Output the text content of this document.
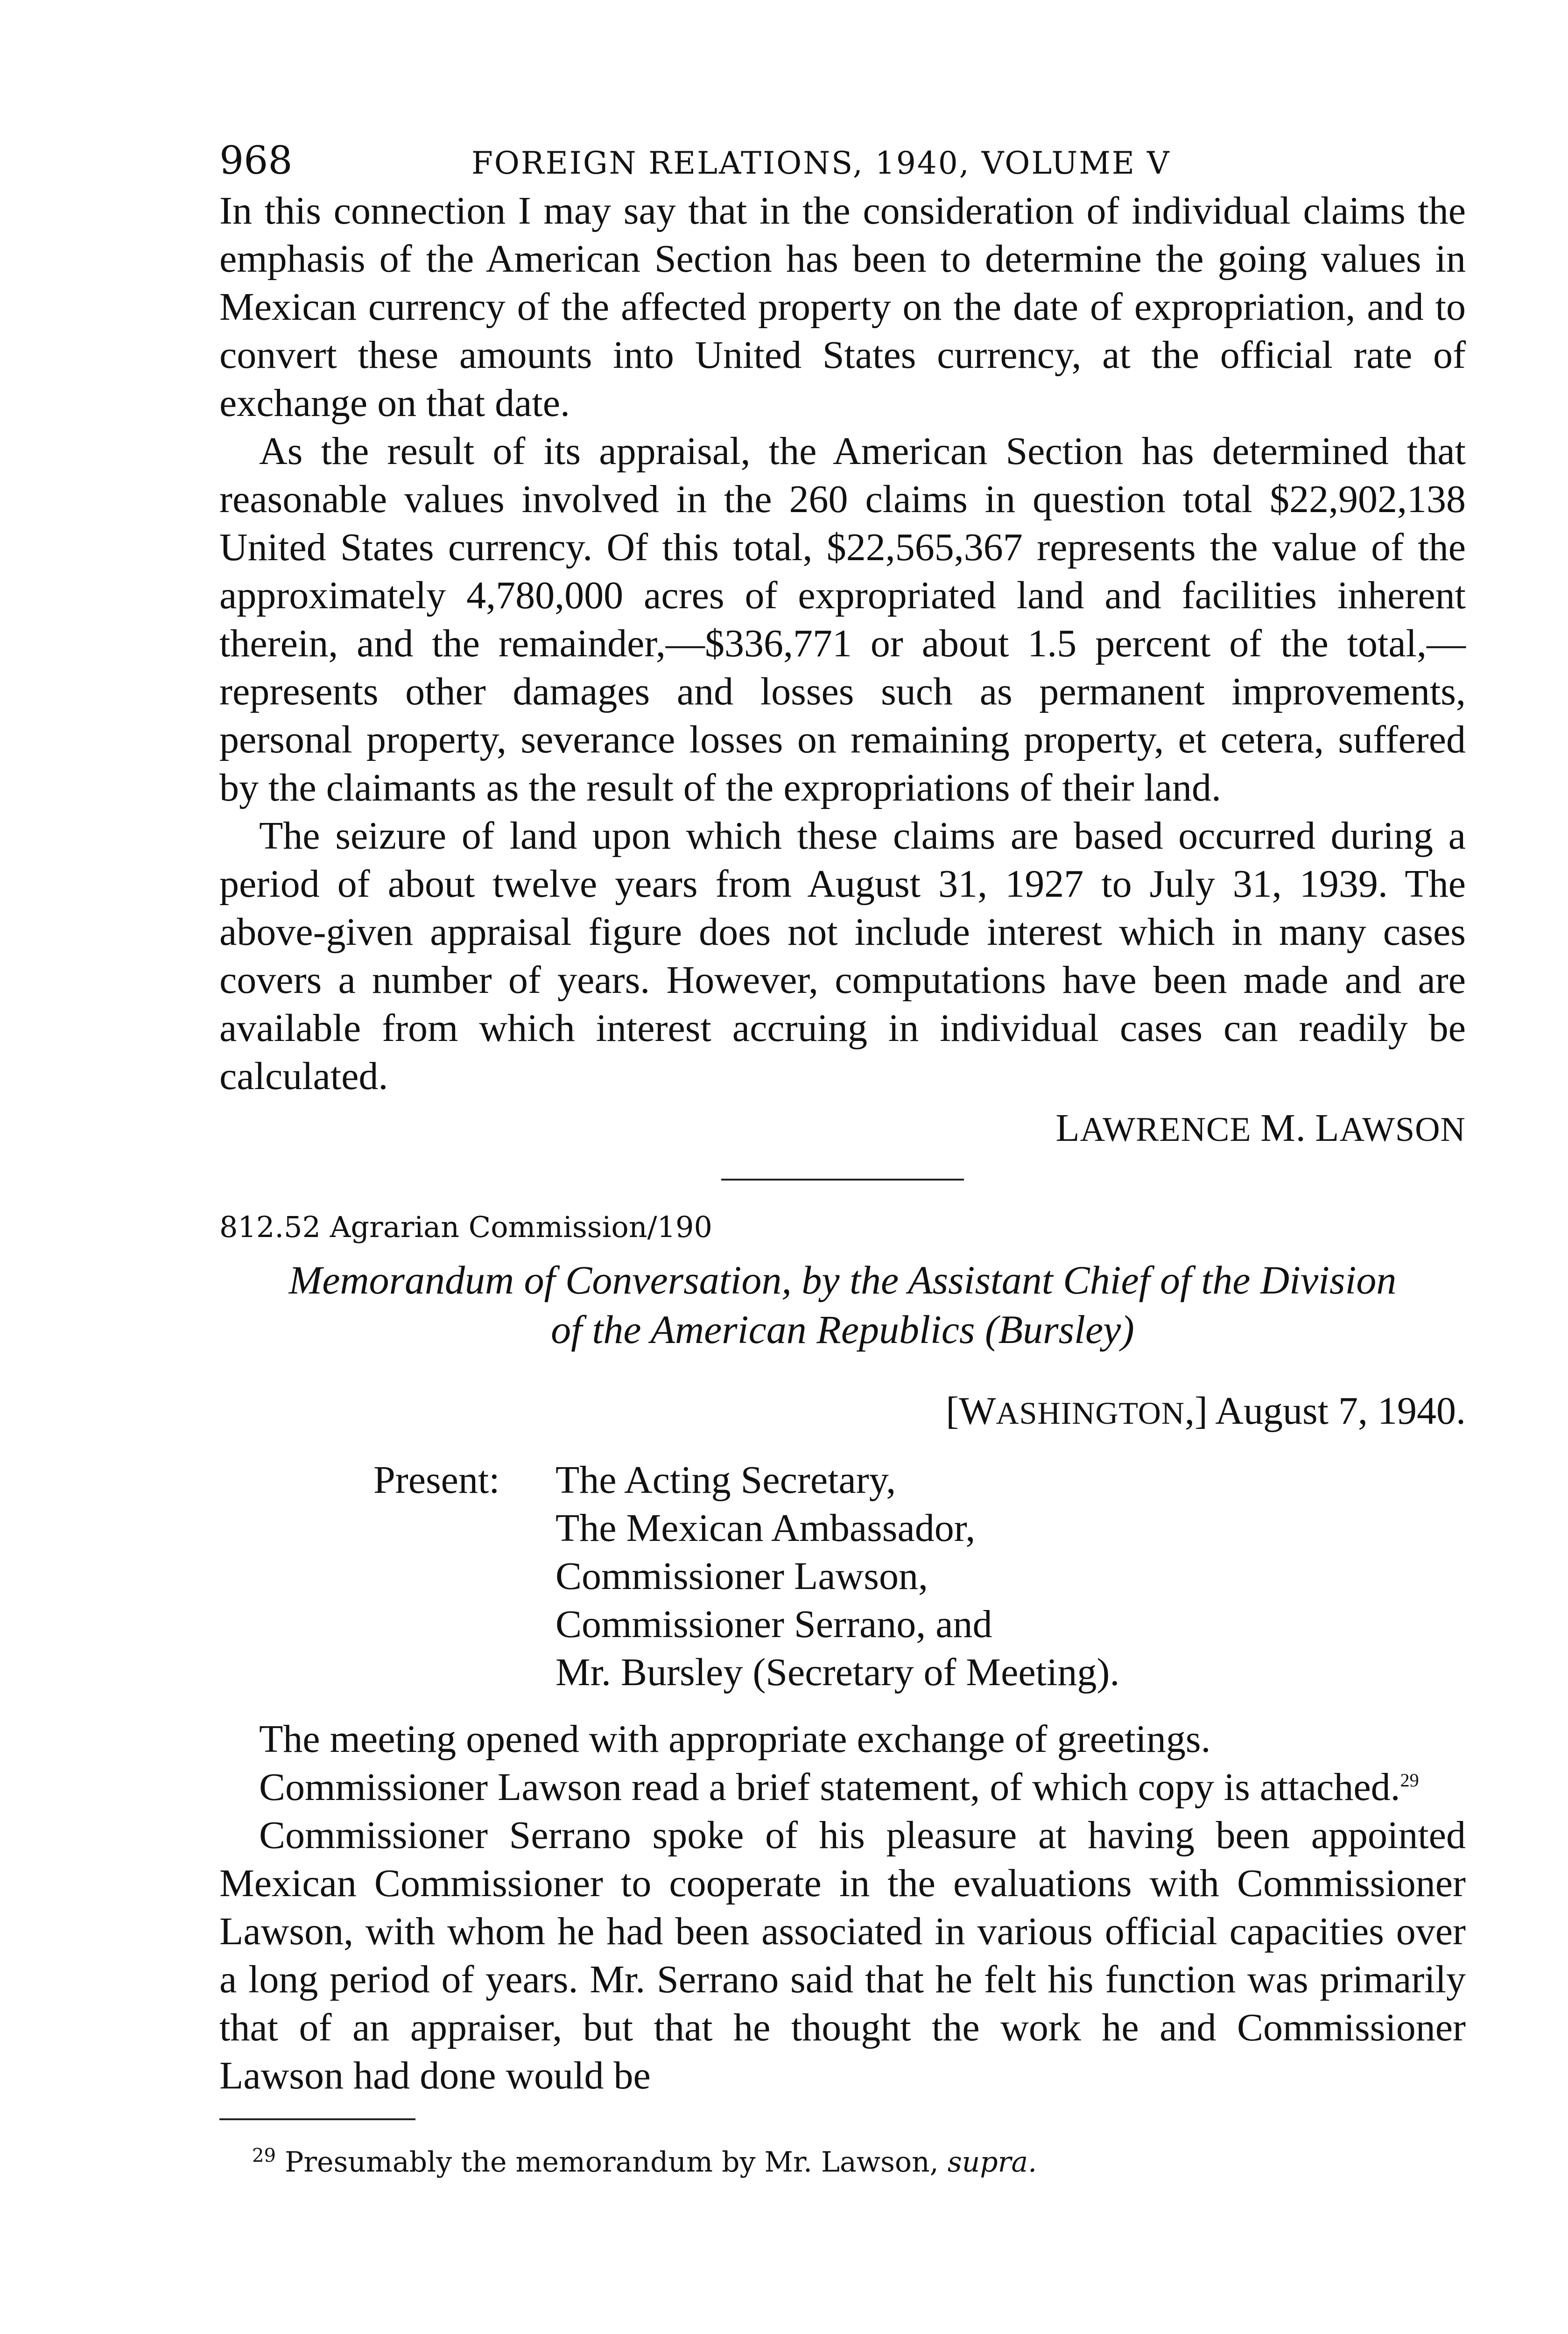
968	FOREIGN RELATIONS, 1940, VOLUME V

In this connection I may say that in the consideration of individual claims the emphasis of the American Section has been to determine the going values in Mexican currency of the affected property on the date of expropriation, and to convert these amounts into United States currency, at the official rate of exchange on that date.

As the result of its appraisal, the American Section has determined that reasonable values involved in the 260 claims in question total $22,902,138 United States currency. Of this total, $22,565,367 represents the value of the approximately 4,780,000 acres of expropriated land and facilities inherent therein, and the remainder,—$336,771 or about 1.5 percent of the total,—represents other damages and losses such as permanent improvements, personal property, severance losses on remaining property, et cetera, suffered by the claimants as the result of the expropriations of their land.

The seizure of land upon which these claims are based occurred during a period of about twelve years from August 31, 1927 to July 31, 1939. The above-given appraisal figure does not include interest which in many cases covers a number of years. However, computations have been made and are available from which interest accruing in individual cases can readily be calculated.

LAWRENCE M. LAWSON
812.52 Agrarian Commission/190

Memorandum of Conversation, by the Assistant Chief of the Division
of the American Republics (Bursley)

[WASHINGTON,] August 7, 1940.
Present:	The Acting Secretary,
The Mexican Ambassador,
Commissioner Lawson,
Commissioner Serrano, and
Mr. Bursley (Secretary of Meeting).

The meeting opened with appropriate exchange of greetings.

Commissioner Lawson read a brief statement, of which copy is attached.$^{29}$

Commissioner Serrano spoke of his pleasure at having been appointed Mexican Commissioner to cooperate in the evaluations with Commissioner Lawson, with whom he had been associated in various official capacities over a long period of years. Mr. Serrano said that he felt his function was primarily that of an appraiser, but that he thought the work he and Commissioner Lawson had done would be

$^{29}$ Presumably the memorandum by Mr. Lawson, supra.
